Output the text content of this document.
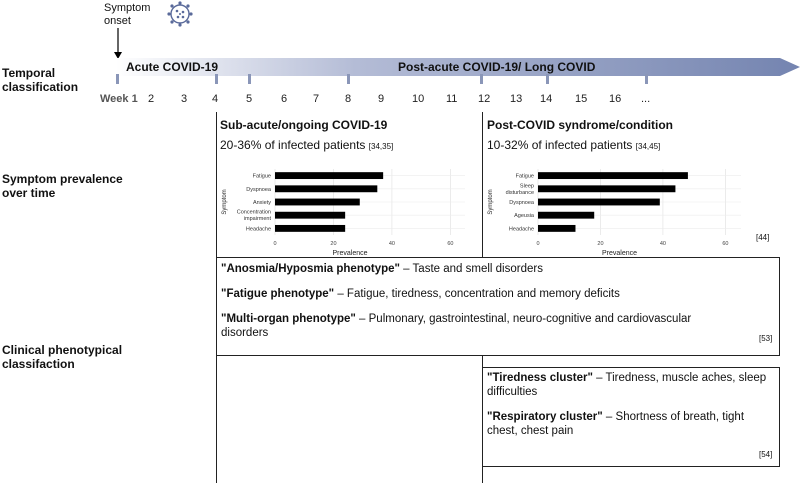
Symptom
onset
Temporal
classification
Symptom prevalence
over time
Clinical phenotypical
classifaction
Acute COVID-19	Post-acute COVID-19/ Long COVID
Week 1 2 3 4	5	6 7 8 9	10 11 12 13 14 15 16 ...
Sub-acute/ongoing COVID-19
20-36% of infected patients [34,35]
Post-COVID syndrome/condition
10-32% of infected patients [34,45]
[44]
0	20	40	60
Fatigue
Dyspnoea
Anxiety
Concentration impairment
Headache
Prevalence
Symptom
0	20	40	60
Fatigue
Sleep disturbance
Dyspnoea
Ageusia
Headache
Prevalence
Symptom
"Anosmia/Hyposmia phenotype" – Taste and smell disorders
"Fatigue phenotype" – Fatigue, tiredness, concentration and memory deficits
"Multi-organ phenotype" – Pulmonary, gastrointestinal, neuro-cognitive and cardiovascular disorders	[53]
"Tiredness cluster" – Tiredness, muscle aches, sleep difficulties
"Respiratory cluster" – Shortness of breath, tight chest, chest pain
[54]
